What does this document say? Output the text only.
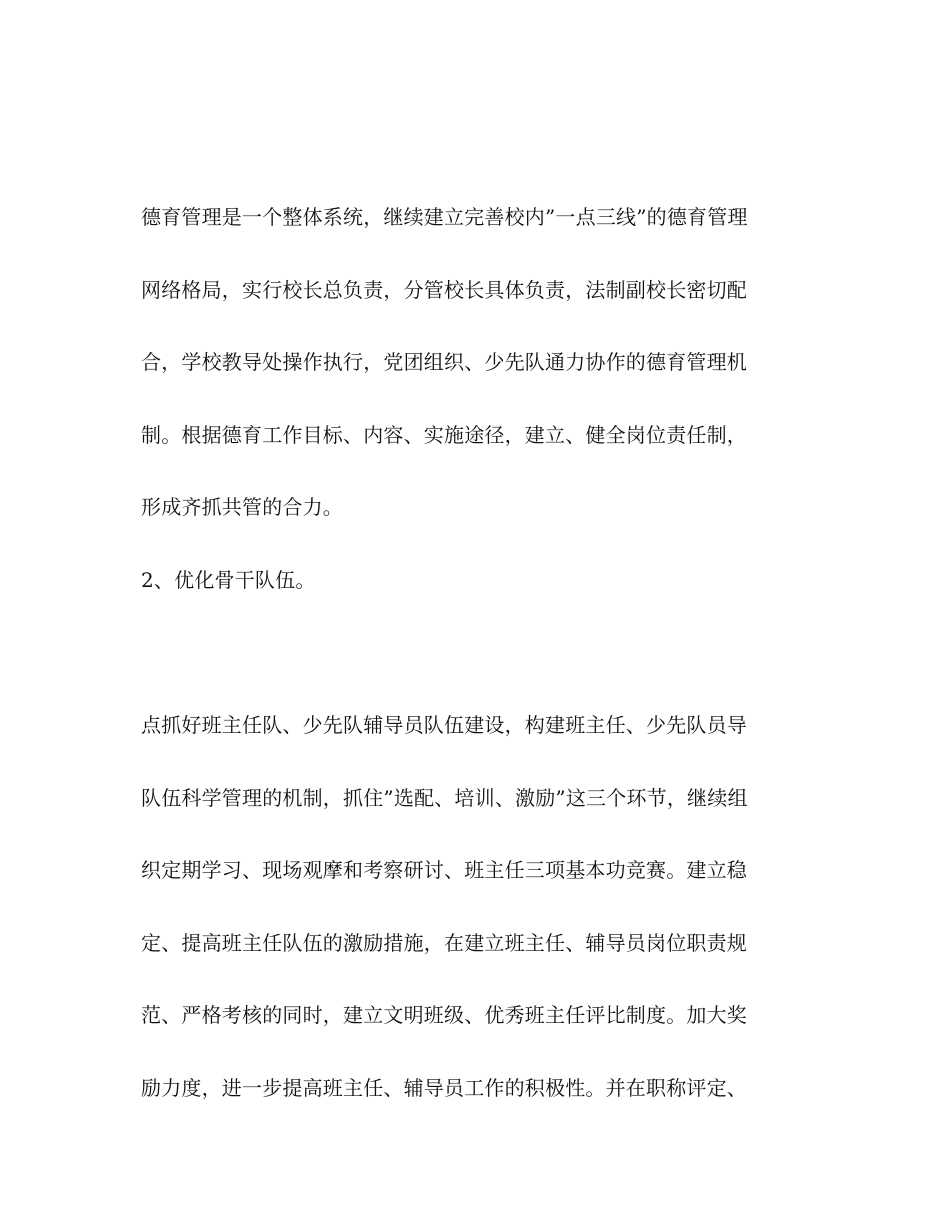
德育管理是一个整体系统，继续建立完善校内”一点三线”的德育管理
网络格局，实行校长总负责，分管校长具体负责，法制副校长密切配
合，学校教导处操作执行，党团组织、少先队通力协作的德育管理机
制。根据德育工作目标、内容、实施途径，建立、健全岗位责任制，
形成齐抓共管的合力。
2、优化骨干队伍。
点抓好班主任队、少先队辅导员队伍建设，构建班主任、少先队员导
队伍科学管理的机制，抓住”选配、培训、激励”这三个环节，继续组
织定期学习、现场观摩和考察研讨、班主任三项基本功竞赛。建立稳
定、提高班主任队伍的激励措施，在建立班主任、辅导员岗位职责规
范、严格考核的同时，建立文明班级、优秀班主任评比制度。加大奖
励力度，进一步提高班主任、辅导员工作的积极性。并在职称评定、
